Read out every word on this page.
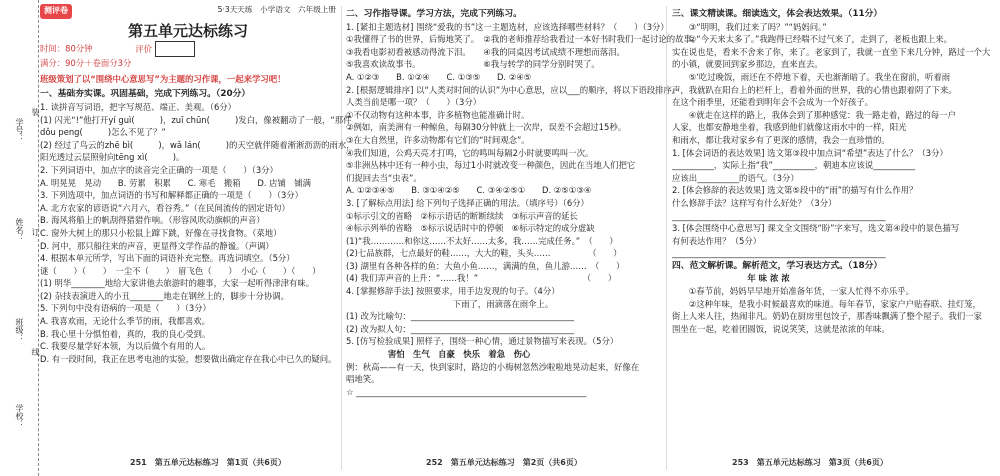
学号：
姓名：
班级：
学校：
装
订
线
测评卷	5·3天天练　小学语文　六年级上册
第五单元达标练习
时间：80分钟	评价
满分：90分＋卷面分3分
班级策划了以“围绕中心意思写”为主题的习作课，一起来学习吧！
一、基础夯实课。巩固基础，完成下列练习。（20分）
1. 读拼音写词语，把字写规范、端正、美观。（6分）
(1) 闪光“!”他打开yí guì(　　　)，zuī chūn(　　　)发白，像被翻动了一般，“那件
dǒu peng(　　　)怎么不见了？”
(2) 经过了鸟云的zhē bì(　　　)，wǎ lán(　　　)的天空就伴随着淅淅沥沥的雨水，
阳光透过云层照射向tēng xì(　　　)。
2. 下列词语中，加点字的读音完全正确的一项是（　　）（3分）
A. 明晃晃　晃动　　B. 劳累　积累　　C. 寒毛　搬箱　　D. 店铺　铺满
3. 下列选项中，加点词语的书写和解释都正确的一项是（　　）（3分）
A. 北方农家的谚语说“六月六，看谷秀。”（在民间流传的固定语句）
B. 海风将船上的帆刮得猎猎作响。（形容风吹动旗帜的声音）
C. 窗外大树上的那只小松鼠上蹿下跳，好像在寻找食物。（菜地）
D. 河中，那只船往来的声音，更显得文学作品的静谧。（声调）
4. 根据本单元所学，写出下面的词语补充完整。再选词填空。（5分）
谜（　　）（　　）　一尘不（　　）　眉飞色（　　）　小心（　　）（　　）
(1) 明华________地给大家讲他去旅游时的趣事，大家一起听得津津有味。
(2) 杂技表演进入的小丑________地走在钢丝上的，脚步十分协调。
5. 下列句中没有语病的一项是（　　）（3分）
A. 我喜欢雨，无论什么季节的雨，我都喜欢。
B. 我心里十分惧怕着，真的，我的良心受到。
C. 我要尽量学好本领，为以后做个有用的人。
D. 有一段时间，我正在思考电池的实验，想要做出确定存在我心中已久的疑问。
251　第五单元达标练习　第1页（共6页）
二、习作指导课。学习方法，完成下列练习。
1. [紧扣主题选材] 围绕“爱我的书”这一主题选材，应该选择哪些材料？（　　）（3分）
①我懂得了书的世界，后悔地笑了。　②我的老师推荐给我看过一本好书时我们一起讨论的故事。
③我看电影初看被感动得流下泪。　　④我的同桌因考试成绩不理想而落泪。
⑤我喜欢读故事书。　　　　　　　　⑥我与转学的同学分别时哭了。
A. ①②③　　B. ①②④　　C. ①③⑤　　D. ②④⑤
2. [根据逻辑排序] 以“人类对时间的认识”为中心意思，应以___的顺序，将以下语段排序。
人类当前是哪一项？（　　）（3分）
①不仅动物有这种本事，许多植物也能准确计时。
②例如，南美洲有一种鲸鱼，每隔30分钟就上一次岸，误差不会超过15秒。
③在大自然里，许多动物都有它们的“时间观念”。
④我们知道，公鸡天亮才打鸣，它的鸣叫每隔2小时就要鸣叫一次。
⑤非洲丛林中还有一种小虫，每过1小时就改变一种颜色，因此在当地人们把它
们捉回去当“虫表”。
A. ①②③④⑤　　B. ③①④②⑤　　C. ③④②⑤①　　D. ②⑤①③④
3. [了解标点用法] 给下列句子选择正确的用法。（填序号）（6分）
①标示引文的省略　②标示语话的断断续续　③标示声音的延长
④标示列举的省略　⑤标示说话时中的停顿　⑥标示特定的成分虚缺
(1)“我…………和你这……不太好……太多，我……完成任务。”　（　　）
(2)七品族群，七点最好的鞋……，大大的鞋，头头……　　　　　（　　）
(3) 湖里有各种各样的鱼：大鱼小鱼……，满满的鱼，鱼儿游……　（　　）
(4) 我们弄声音的上升：“……我！”　　　　　　　　　　　　　（　　）
4. [掌握修辞手法] 按照要求，用手边发现的句子。（4分）
下雨了，雨滴落在雨伞上。
(1) 改为比喻句：_______________________________________
(2) 改为拟人句：_______________________________________
5. [仿写检验成果] 照样子，围绕一种心情，通过景物描写来表现。（5分）
　　　　　害怕　生气　自豪　快乐　着急　伤心
例：秋高——有一天，快到家时，路边的小梅树忽然沙啦啦地晃动起来，好像在
唱地笑。
☆ _______________________________________________________
252　第五单元达标练习　第2页（共6页）
三、课文精读课。细读选文，体会表达效果。（11分）
　　③“明明，我们过来了吗？”“妈妈问。”
　　②“今天来太多了。”我跑得已经喘不过气来了，走到了，老板也跟上来。
实在说也是，看来不舍来了你，来了。老家到了，我就一直坐下来几分钟，路过一个大
的小镇，就要回到家乡那边，直来直去。
　　⑤‘吃过晚饭，雨还在不停地下着，天也渐渐暗了。我坐在窗前，听着雨
声，我就趴在阳台上的栏杆上，看着外面的世界，我的心情也跟着阴了下来。
在这个雨季里，还能看到明年会不会成为一个好孩子。
　　④就走在这样的路上，我体会到了那种感觉：我一路走着，路过的每一户
人家，也都安静地坐着，我感到他们就像这雨水中的一样，阳光
和雨水，都让我对家乡有了更深的感情，我会一直珍惜的。
1. [体会词语的表达效果] 选文第③段中加点词“希望”表达了什么？（3分）
__________，实际上指“我”__________，朝迪本应该说__________
应该出__________的语气。（3分）
2. [体会修辞的表达效果] 选文第⑤段中的“雨”的描写有什么作用？
什么修辞手法？这样写有什么好处？（3分）
___________________________________________________
3. [体会围绕中心意思写] 课文全文围绕“盼”字来写，选文第④段中的景色描写
有何表达作用？（5分）
___________________________________________________
四、范文解析课。解析范文，学习表达方式。（18分）
　　　　　　　　　年 味 浓 浓
　　①春节前，妈妈早早地开始准备年货，一家人忙得不亦乐乎。
　　②这种年味，是我小时候最喜欢的味道。每年春节，家家户户贴春联、挂灯笼，
街上人来人往，热闹非凡。奶奶在厨房里包饺子，那香味飘满了整个屋子。我们一家
围坐在一起，吃着团圆饭，说说笑笑，这就是浓浓的年味。
253　第五单元达标练习　第3页（共6页）
